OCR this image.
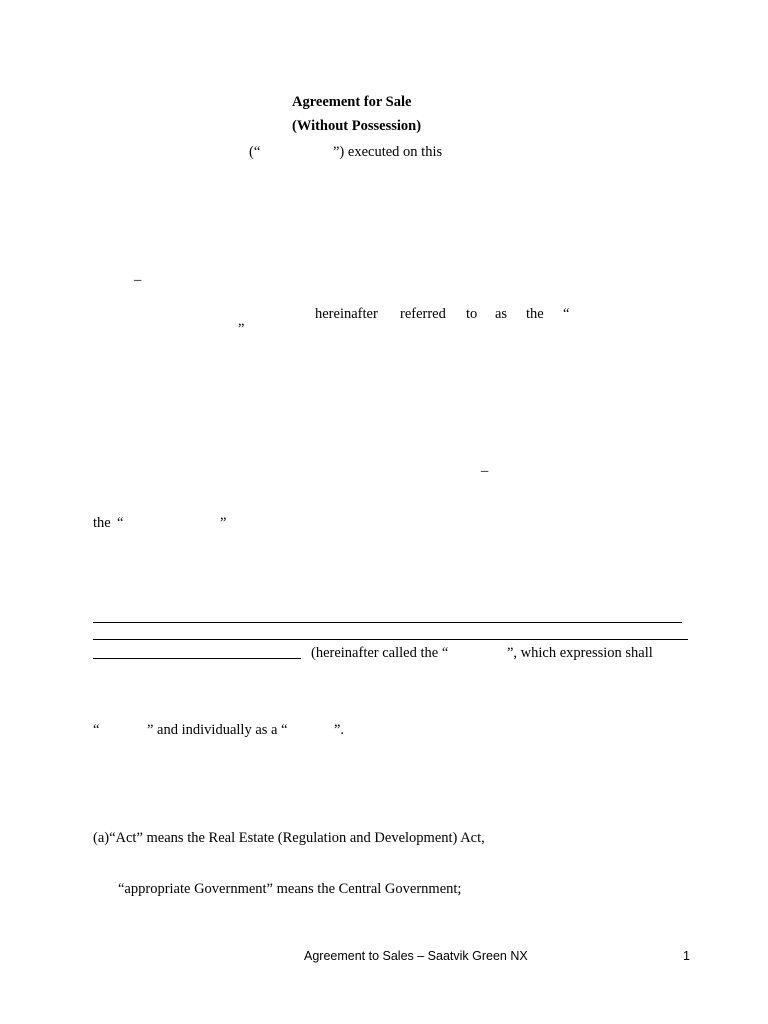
Agreement for Sale
(Without Possession)
(“	”) executed on this
–
hereinafter referred to as the “
”
–
the “	”
(hereinafter called the “	”, which expression shall
“	” and individually as a “	”.
(a)“Act” means the Real Estate (Regulation and Development) Act,
“appropriate Government” means the Central Government;
Agreement to Sales – Saatvik Green NX	1
